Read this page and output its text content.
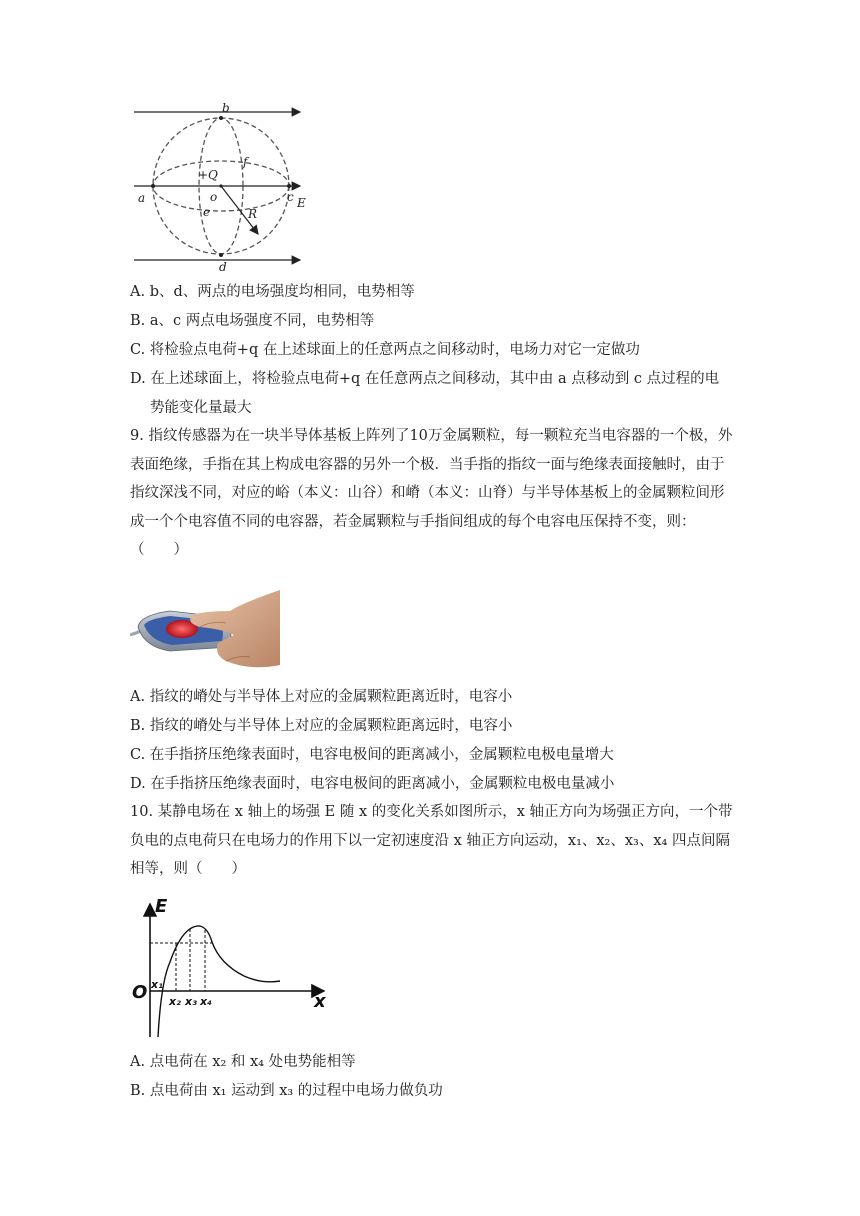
b
d
a	c E
+Q
o
f
e	R
A. b、d、两点的电场强度均相同，电势相等
B. a、c 两点电场强度不同，电势相等
C. 将检验点电荷+q 在上述球面上的任意两点之间移动时，电场力对它一定做功
D. 在上述球面上，将检验点电荷+q 在任意两点之间移动，其中由 a 点移动到 c 点过程的电
势能变化量最大
9. 指纹传感器为在一块半导体基板上阵列了10万金属颗粒，每一颗粒充当电容器的一个极，外表面绝缘，手指在其上构成电容器的另外一个极．当手指的指纹一面与绝缘表面接触时，由于指纹深浅不同，对应的峪（本义：山谷）和嵴（本义：山脊）与半导体基板上的金属颗粒间形成一个个电容值不同的电容器，若金属颗粒与手指间组成的每个电容电压保持不变，则：　　（　　）
A. 指纹的嵴处与半导体上对应的金属颗粒距离近时，电容小
B. 指纹的嵴处与半导体上对应的金属颗粒距离远时，电容小
C. 在手指挤压绝缘表面时，电容电极间的距离减小，金属颗粒电极电量增大
D. 在手指挤压绝缘表面时，电容电极间的距离减小，金属颗粒电极电量减小
10. 某静电场在 x 轴上的场强 E 随 x 的变化关系如图所示，x 轴正方向为场强正方向，一个带负电的点电荷只在电场力的作用下以一定初速度沿 x 轴正方向运动，x₁、x₂、x₃、x₄ 四点间隔相等，则（　　）
E
O	x
x₁
x₂ x₃ x₄
A. 点电荷在 x₂ 和 x₄ 处电势能相等
B. 点电荷由 x₁ 运动到 x₃ 的过程中电场力做负功
